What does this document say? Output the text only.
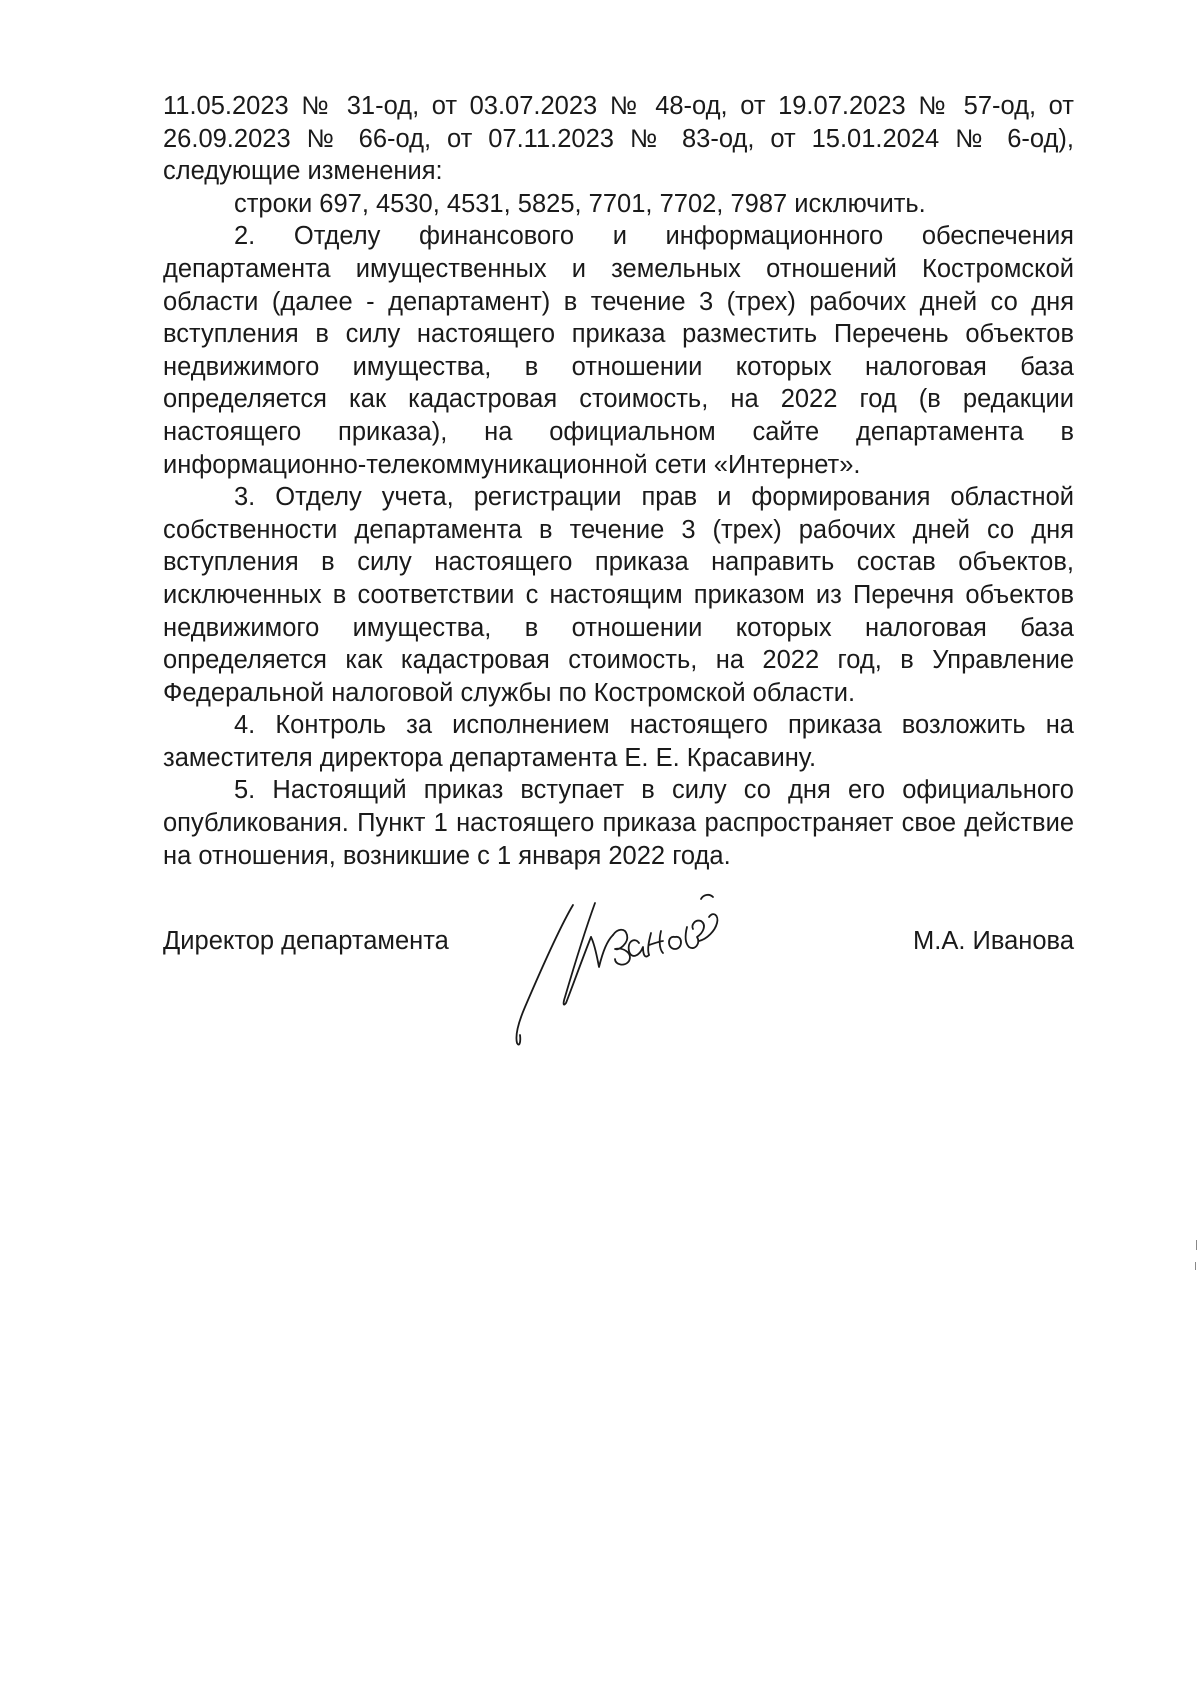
11.05.2023 № 31-од, от 03.07.2023 № 48-од, от 19.07.2023 № 57-од, от 26.09.2023 № 66-од, от 07.11.2023 № 83-од, от 15.01.2024 № 6-од), следующие изменения:

строки 697, 4530, 4531, 5825, 7701, 7702, 7987 исключить.

2. Отделу финансового и информационного обеспечения департамента имущественных и земельных отношений Костромской области (далее - департамент) в течение 3 (трех) рабочих дней со дня вступления в силу настоящего приказа разместить Перечень объектов недвижимого имущества, в отношении которых налоговая база определяется как кадастровая стоимость, на 2022 год (в редакции настоящего приказа), на официальном сайте департамента в информационно-телекоммуникационной сети «Интернет».

3. Отделу учета, регистрации прав и формирования областной собственности департамента в течение 3 (трех) рабочих дней со дня вступления в силу настоящего приказа направить состав объектов, исключенных в соответствии с настоящим приказом из Перечня объектов недвижимого имущества, в отношении которых налоговая база определяется как кадастровая стоимость, на 2022 год, в Управление Федеральной налоговой службы по Костромской области.

4. Контроль за исполнением настоящего приказа возложить на заместителя директора департамента Е. Е. Красавину.

5. Настоящий приказ вступает в силу со дня его официального опубликования. Пункт 1 настоящего приказа распространяет свое действие на отношения, возникшие с 1 января 2022 года.

Директор департамента	М.А. Иванова
